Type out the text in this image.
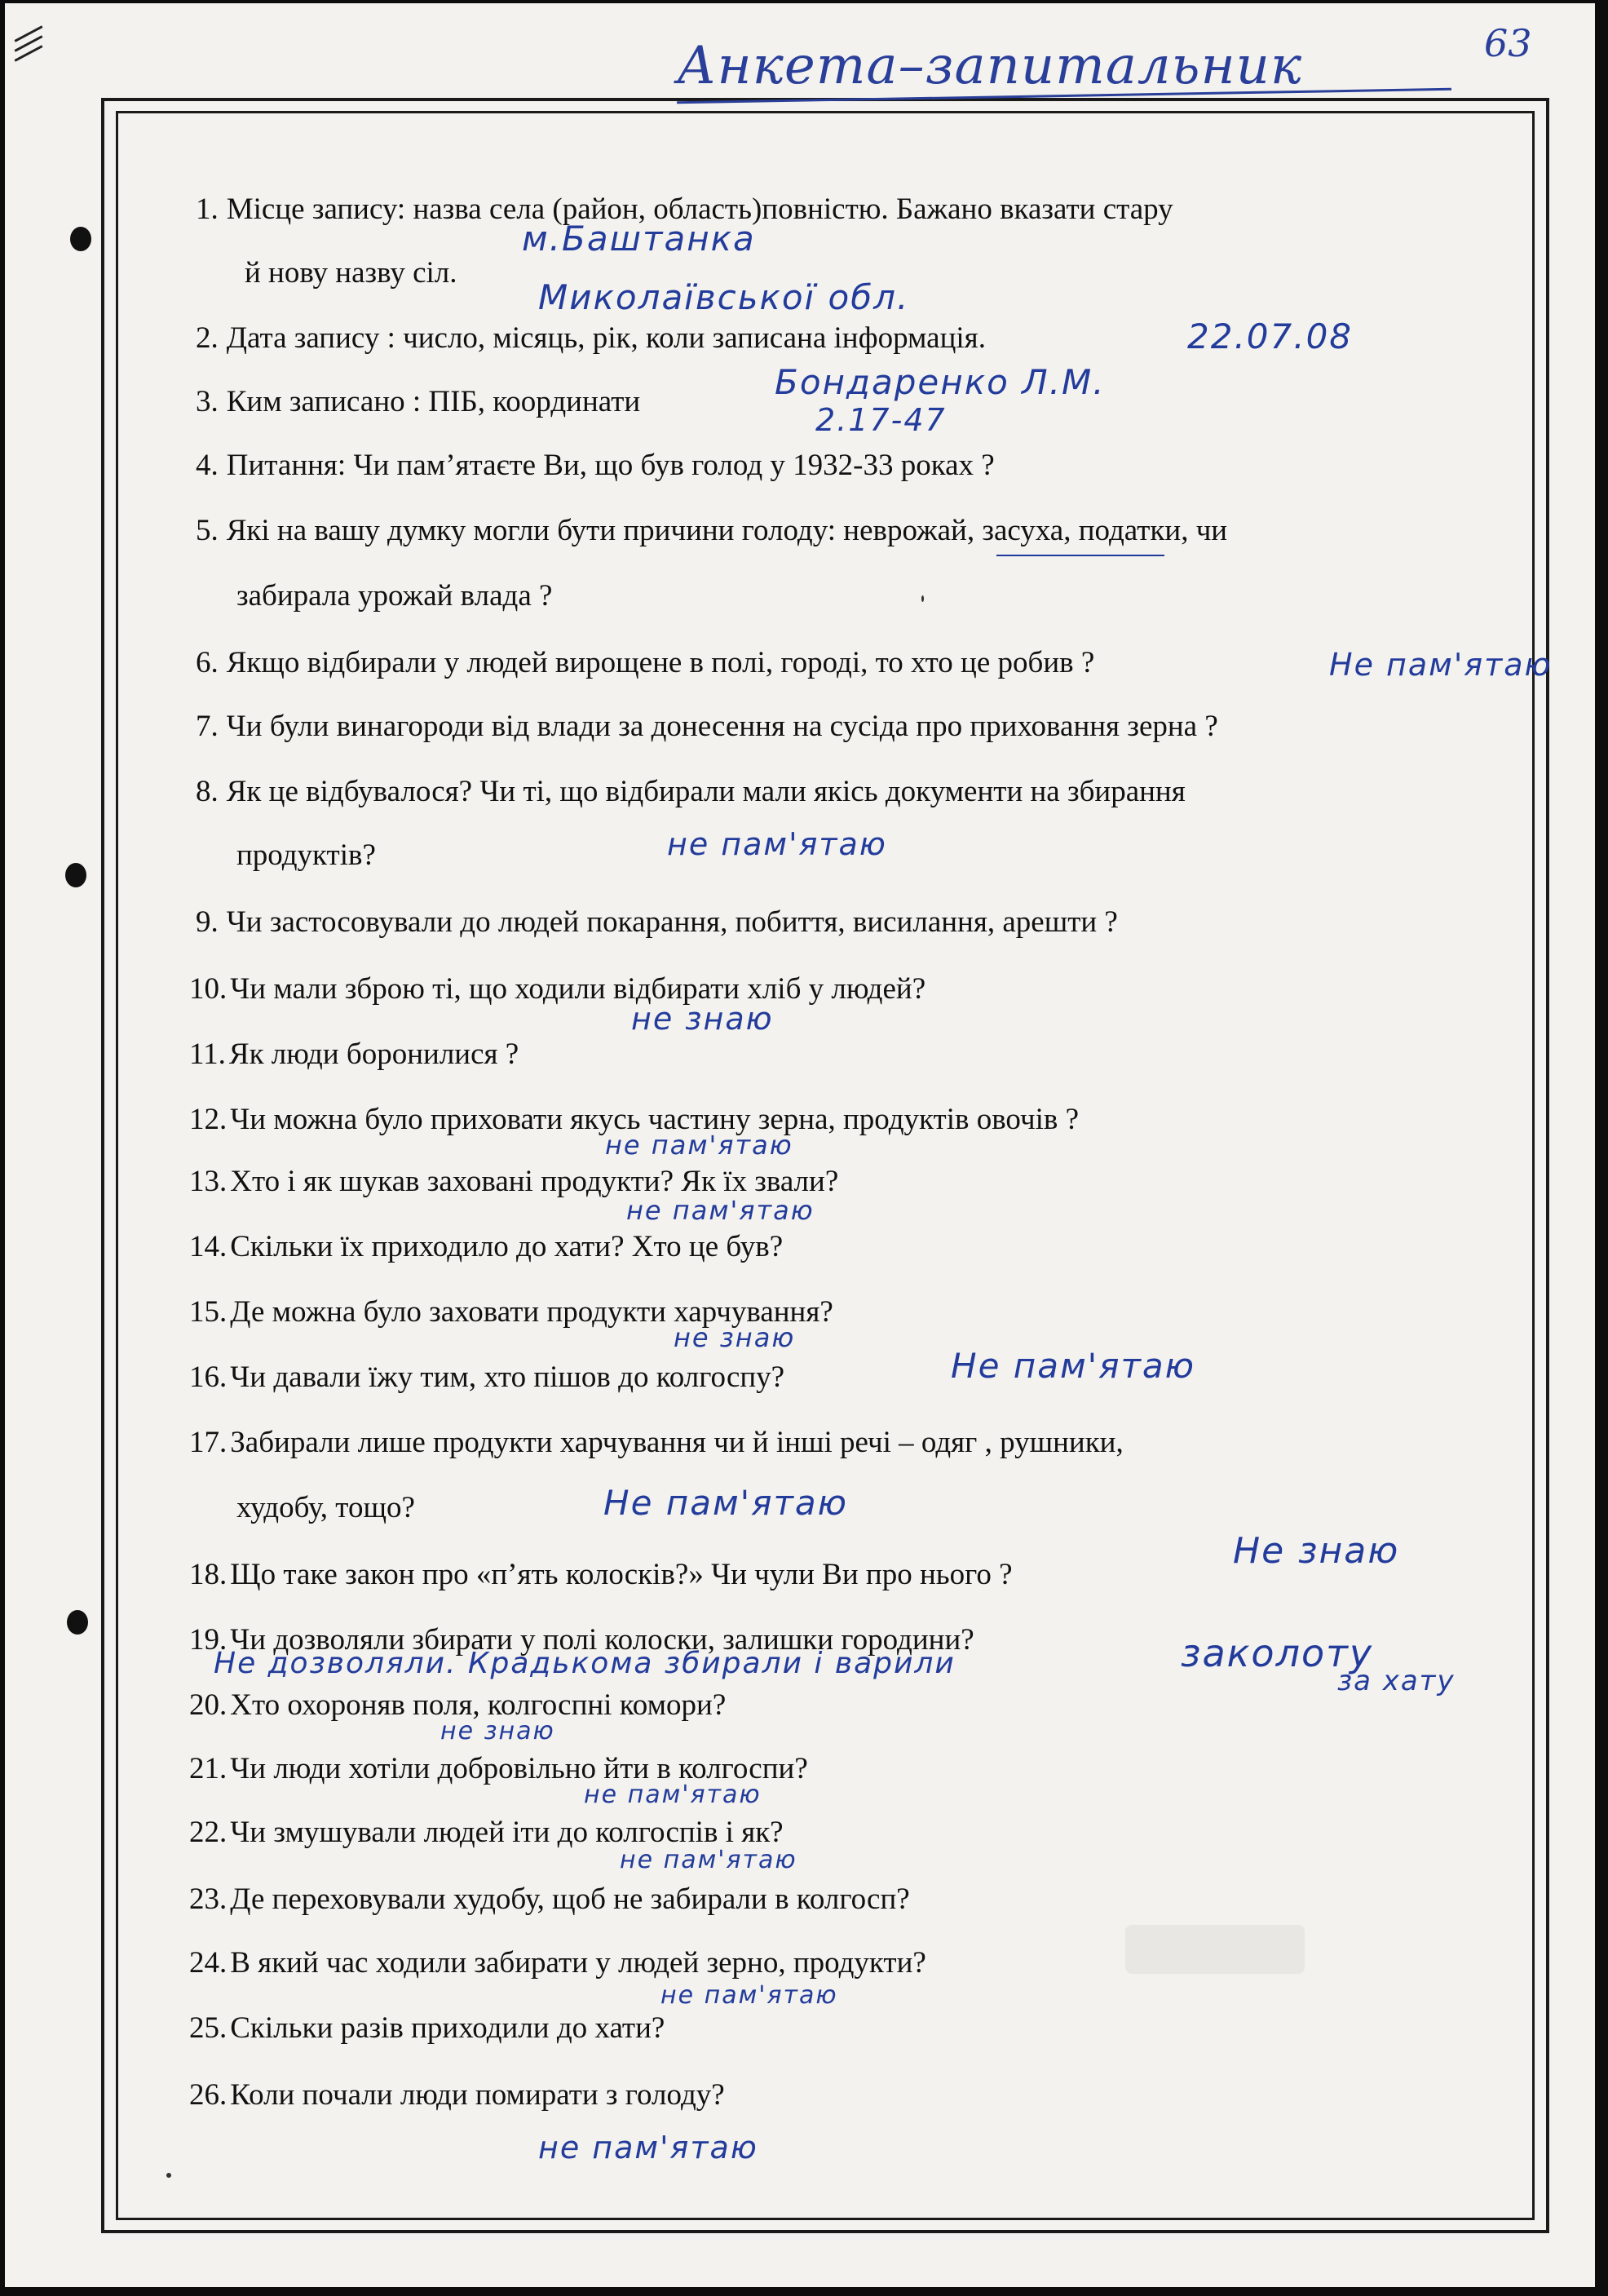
Анкета–запитальник	63
1. Місце запису: назва села (район, область)повністю. Бажано вказати стару
й нову назву сіл.
2. Дата запису : число, місяць, рік, коли записана інформація.
3. Ким записано : ПІБ, координати
4. Питання: Чи пам’ятаєте Ви, що був голод у 1932-33 роках ?
5. Які на вашу думку могли бути причини голоду: неврожай, засуха, податки, чи
забирала урожай влада ?
6. Якщо відбирали у людей вирощене в полі, городі, то хто це робив ?
7. Чи були винагороди від влади за донесення на сусіда про приховання зерна ?
8. Як це відбувалося? Чи ті, що відбирали мали якісь документи на збирання
продуктів?
9. Чи застосовували до людей покарання, побиття, висилання, арешти ?
10. Чи мали зброю ті, що ходили відбирати хліб у людей?
11. Як люди боронилися ?
12. Чи можна було приховати якусь частину зерна, продуктів овочів ?
13. Хто і як шукав заховані продукти? Як їх звали?
14. Скільки їх приходило до хати? Хто це був?
15. Де можна було заховати продукти харчування?
16. Чи давали їжу тим, хто пішов до колгоспу?
17. Забирали лише продукти харчування чи й інші речі – одяг , рушники,
худобу, тощо?
18. Що таке закон про «п’ять колосків?» Чи чули Ви про нього ?
19. Чи дозволяли збирати у полі колоски, залишки городини?
20. Хто охороняв поля, колгоспні комори?
21. Чи люди хотіли добровільно йти в колгоспи?
22. Чи змушували людей іти до колгоспів і як?
23. Де переховували худобу, щоб не забирали в колгосп?
24. В який час ходили забирати у людей зерно, продукти?
25. Скільки разів приходили до хати?
26. Коли почали люди помирати з голоду?
м.Баштанка
Миколаївської обл.
22.07.08
Бондаренко Л.М.
2.17-47
Не пам'ятаю
не пам'ятаю
не знаю
не пам'ятаю
не пам'ятаю
не знаю
Не пам'ятаю
Не пам'ятаю
Не знаю
Не дозволяли. Крадькома збирали і варили	заколоту
за хату
не знаю
не пам'ятаю
не пам'ятаю
не пам'ятаю
не пам'ятаю
